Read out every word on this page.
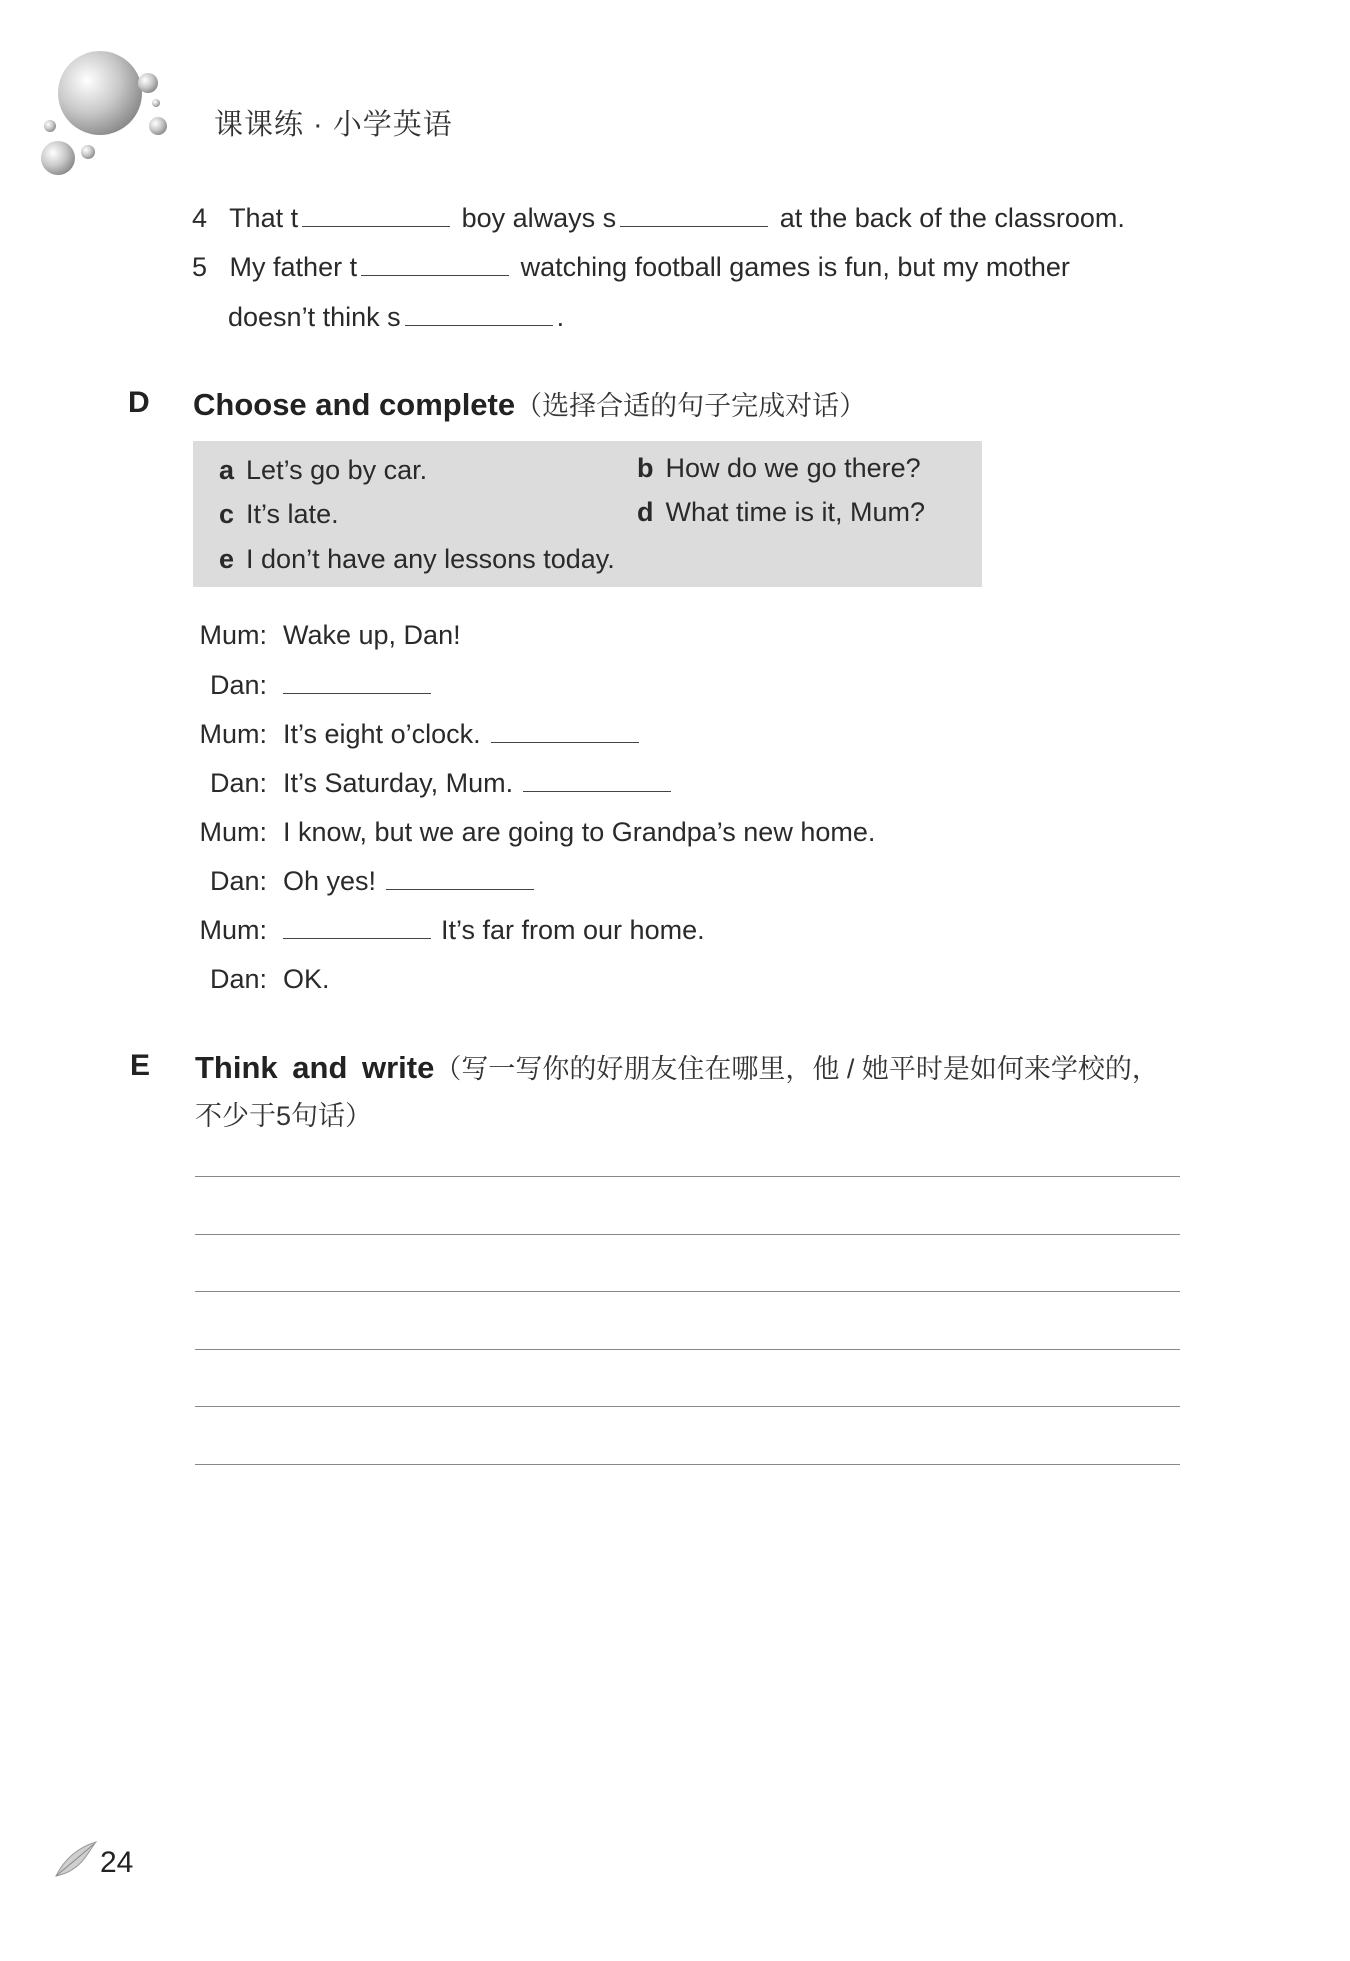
课课练 · 小学英语
4 That t	boy always s	at the back of the classroom.
5 My father t	watching football games is fun, but my mother
doesn’t think s	.
D Choose and complete（选择合适的句子完成对话）
a Let’s go by car.	b How do we go there?
c It’s late.	d What time is it, Mum?
e I don’t have any lessons today.
Mum: Wake up, Dan!
Dan:
Mum: It’s eight o’clock.
Dan: It’s Saturday, Mum.
Mum: I know, but we are going to Grandpa’s new home.
Dan: Oh yes!
Mum:	It’s far from our home.
Dan: OK.
E Think and write（写一写你的好朋友住在哪里，他 / 她平时是如何来学校的，
不少于5句话）
24
